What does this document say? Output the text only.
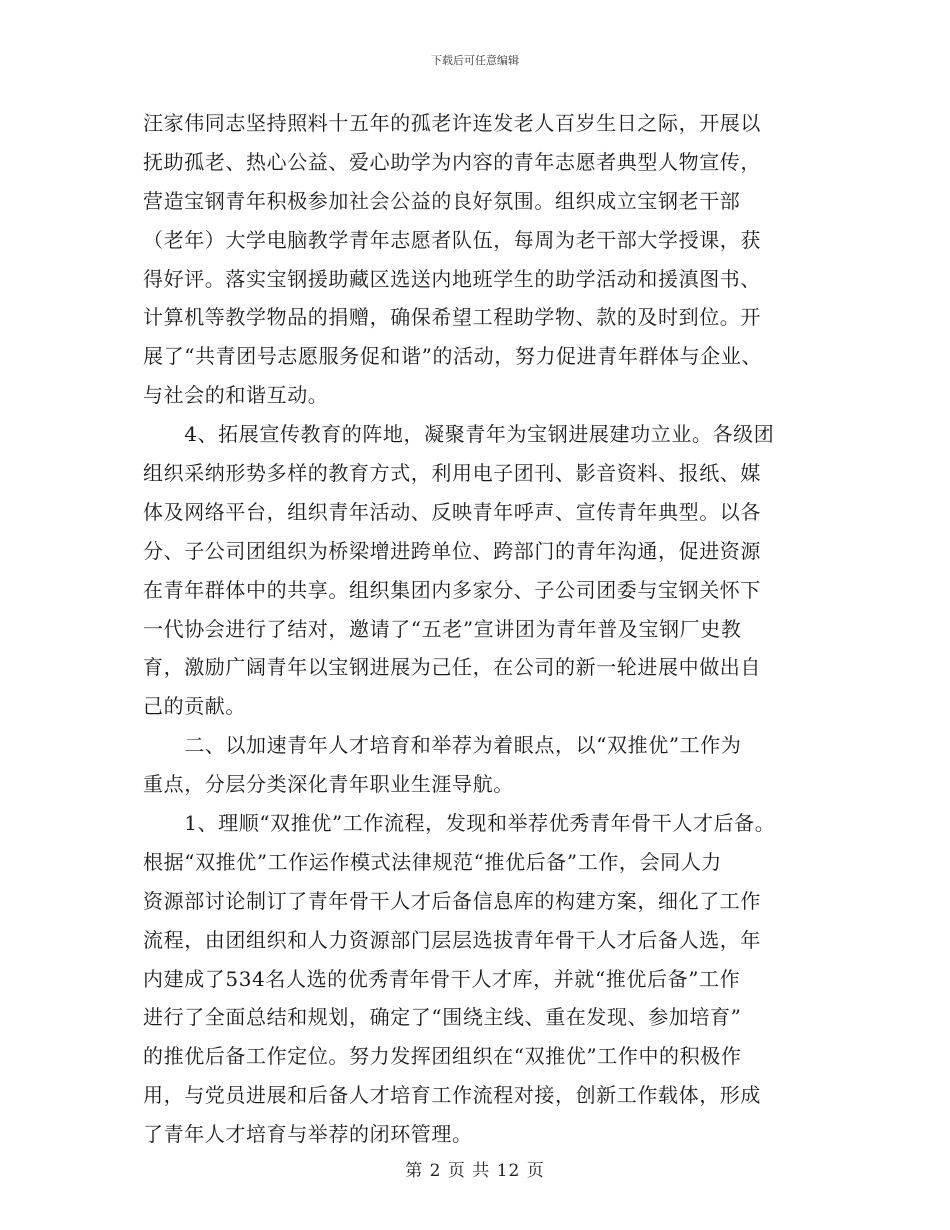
下载后可任意编辑
汪家伟同志坚持照料十五年的孤老许连发老人百岁生日之际，开展以
抚助孤老、热心公益、爱心助学为内容的青年志愿者典型人物宣传，
营造宝钢青年积极参加社会公益的良好氛围。组织成立宝钢老干部
（老年）大学电脑教学青年志愿者队伍，每周为老干部大学授课，获
得好评。落实宝钢援助藏区选送内地班学生的助学活动和援滇图书、
计算机等教学物品的捐赠，确保希望工程助学物、款的及时到位。开
展了“共青团号志愿服务促和谐”的活动，努力促进青年群体与企业、
与社会的和谐互动。
　　4、拓展宣传教育的阵地，凝聚青年为宝钢进展建功立业。各级团
组织采纳形势多样的教育方式，利用电子团刊、影音资料、报纸、媒
体及网络平台，组织青年活动、反映青年呼声、宣传青年典型。以各
分、子公司团组织为桥梁增进跨单位、跨部门的青年沟通，促进资源
在青年群体中的共享。组织集团内多家分、子公司团委与宝钢关怀下
一代协会进行了结对，邀请了“五老”宣讲团为青年普及宝钢厂史教
育，激励广阔青年以宝钢进展为己任，在公司的新一轮进展中做出自
己的贡献。
　　二、以加速青年人才培育和举荐为着眼点，以“双推优”工作为
重点，分层分类深化青年职业生涯导航。
　　1、理顺“双推优”工作流程，发现和举荐优秀青年骨干人才后备。
根据“双推优”工作运作模式法律规范“推优后备”工作，会同人力
资源部讨论制订了青年骨干人才后备信息库的构建方案，细化了工作
流程，由团组织和人力资源部门层层选拔青年骨干人才后备人选，年
内建成了534名人选的优秀青年骨干人才库，并就“推优后备”工作
进行了全面总结和规划，确定了“围绕主线、重在发现、参加培育”
的推优后备工作定位。努力发挥团组织在“双推优”工作中的积极作
用，与党员进展和后备人才培育工作流程对接，创新工作载体，形成
了青年人才培育与举荐的闭环管理。
第 2 页 共 12 页
